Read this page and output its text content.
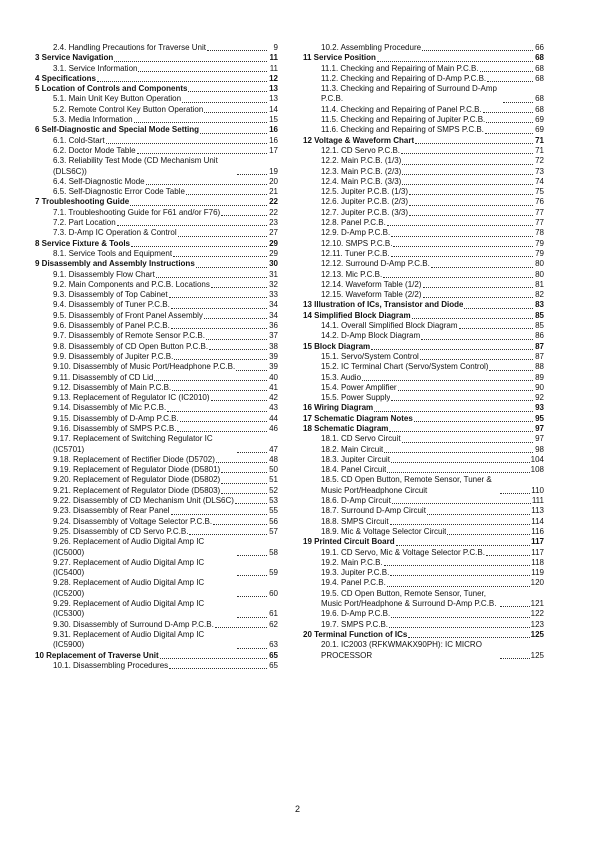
2.4. Handling Precautions for Traverse Unit	9
3 Service Navigation	11
3.1. Service Information	11
4 Specifications	12
5 Location of Controls and Components	13
5.1. Main Unit Key Button Operation	13
5.2. Remote Control Key Button Operation	14
5.3. Media Information	15
6 Self-Diagnostic and Special Mode Setting	16
6.1. Cold-Start	16
6.2. Doctor Mode Table	17
6.3. Reliability Test Mode (CD Mechanism Unit (DLS6C))	19
6.4. Self-Diagnostic Mode	20
6.5. Self-Diagnostic Error Code Table	21
7 Troubleshooting Guide	22
7.1. Troubleshooting Guide for F61 and/or F76)	22
7.2. Part Location	23
7.3. D-Amp IC Operation & Control	27
8 Service Fixture & Tools	29
8.1. Service Tools and Equipment	29
9 Disassembly and Assembly Instructions	30
9.1. Disassembly Flow Chart	31
9.2. Main Components and P.C.B. Locations	32
9.3. Disassembly of Top Cabinet	33
9.4. Disassembly of Tuner P.C.B.	34
9.5. Disassembly of Front Panel Assembly	34
9.6. Disassembly of Panel P.C.B.	36
9.7. Disassembly of Remote Sensor P.C.B.	37
9.8. Disassembly of CD Open Button P.C.B.	38
9.9. Disassembly of Jupiter P.C.B.	39
9.10. Disassembly of Music Port/Headphone P.C.B.	39
9.11. Disassembly of CD Lid	40
9.12. Disassembly of Main P.C.B.	41
9.13. Replacement of Regulator IC (IC2010)	42
9.14. Disassembly of Mic P.C.B.	43
9.15. Disassembly of D-Amp P.C.B.	44
9.16. Disassembly of SMPS P.C.B.	46
9.17. Replacement of Switching Regulator IC (IC5701)	47
9.18. Replacement of Rectifier Diode (D5702)	48
9.19. Replacement of Regulator Diode (D5801)	50
9.20. Replacement of Regulator Diode (D5802)	51
9.21. Replacement of Regulator Diode (D5803)	52
9.22. Disassembly of CD Mechanism Unit (DLS6C)	53
9.23. Disassembly of Rear Panel	55
9.24. Disassembly of Voltage Selector P.C.B.	56
9.25. Disassembly of CD Servo P.C.B.	57
9.26. Replacement of Audio Digital Amp IC (IC5000)	58
9.27. Replacement of Audio Digital Amp IC (IC5400)	59
9.28. Replacement of Audio Digital Amp IC (IC5200)	60
9.29. Replacement of Audio Digital Amp IC (IC5300)	61
9.30. Disassembly of Surround D-Amp P.C.B.	62
9.31. Replacement of Audio Digital Amp IC (IC5900)	63
10 Replacement of Traverse Unit	65
10.1. Disassembling Procedures	65
10.2. Assembling Procedure	66
11 Service Position	68
11.1. Checking and Repairing of Main P.C.B.	68
11.2. Checking and Repairing of D-Amp P.C.B.	68
11.3. Checking and Repairing of Surround D-Amp P.C.B.	68
11.4. Checking and Repairing of Panel P.C.B.	68
11.5. Checking and Repairing of Jupiter P.C.B.	69
11.6. Checking and Repairing of SMPS P.C.B.	69
12 Voltage & Waveform Chart	71
12.1. CD Servo P.C.B.	71
12.2. Main P.C.B. (1/3)	72
12.3. Main P.C.B. (2/3)	73
12.4. Main P.C.B. (3/3)	74
12.5. Jupiter P.C.B. (1/3)	75
12.6. Jupiter P.C.B. (2/3)	76
12.7. Jupiter P.C.B. (3/3)	77
12.8. Panel P.C.B.	77
12.9. D-Amp P.C.B.	78
12.10. SMPS P.C.B.	79
12.11. Tuner P.C.B.	79
12.12. Surround D-Amp P.C.B.	80
12.13. Mic P.C.B.	80
12.14. Waveform Table (1/2)	81
12.15. Waveform Table (2/2)	82
13 Illustration of ICs, Transistor and Diode	83
14 Simplified Block Diagram	85
14.1. Overall Simplified Block Diagram	85
14.2. D-Amp Block Diagram	86
15 Block Diagram	87
15.1. Servo/System Control	87
15.2. IC Terminal Chart (Servo/System Control)	88
15.3. Audio	89
15.4. Power Amplifier	90
15.5. Power Supply	92
16 Wiring Diagram	93
17 Schematic Diagram Notes	95
18 Schematic Diagram	97
18.1. CD Servo Circuit	97
18.2. Main Circuit	98
18.3. Jupiter Circuit	104
18.4. Panel Circuit	108
18.5. CD Open Button, Remote Sensor, Tuner & Music Port/Headphone Circuit	110
18.6. D-Amp Circuit	111
18.7. Surround D-Amp Circuit	113
18.8. SMPS Circuit	114
18.9. Mic & Voltage Selector Circuit	116
19 Printed Circuit Board	117
19.1. CD Servo, Mic & Voltage Selector P.C.B.	117
19.2. Main P.C.B.	118
19.3. Jupiter P.C.B.	119
19.4. Panel P.C.B.	120
19.5. CD Open Button, Remote Sensor, Tuner, Music Port/Headphone & Surround D-Amp P.C.B.	121
19.6. D-Amp P.C.B.	122
19.7. SMPS P.C.B.	123
20 Terminal Function of ICs	125
20.1. IC2003 (RFKWMAKX90PH): IC MICRO PROCESSOR	125
2
